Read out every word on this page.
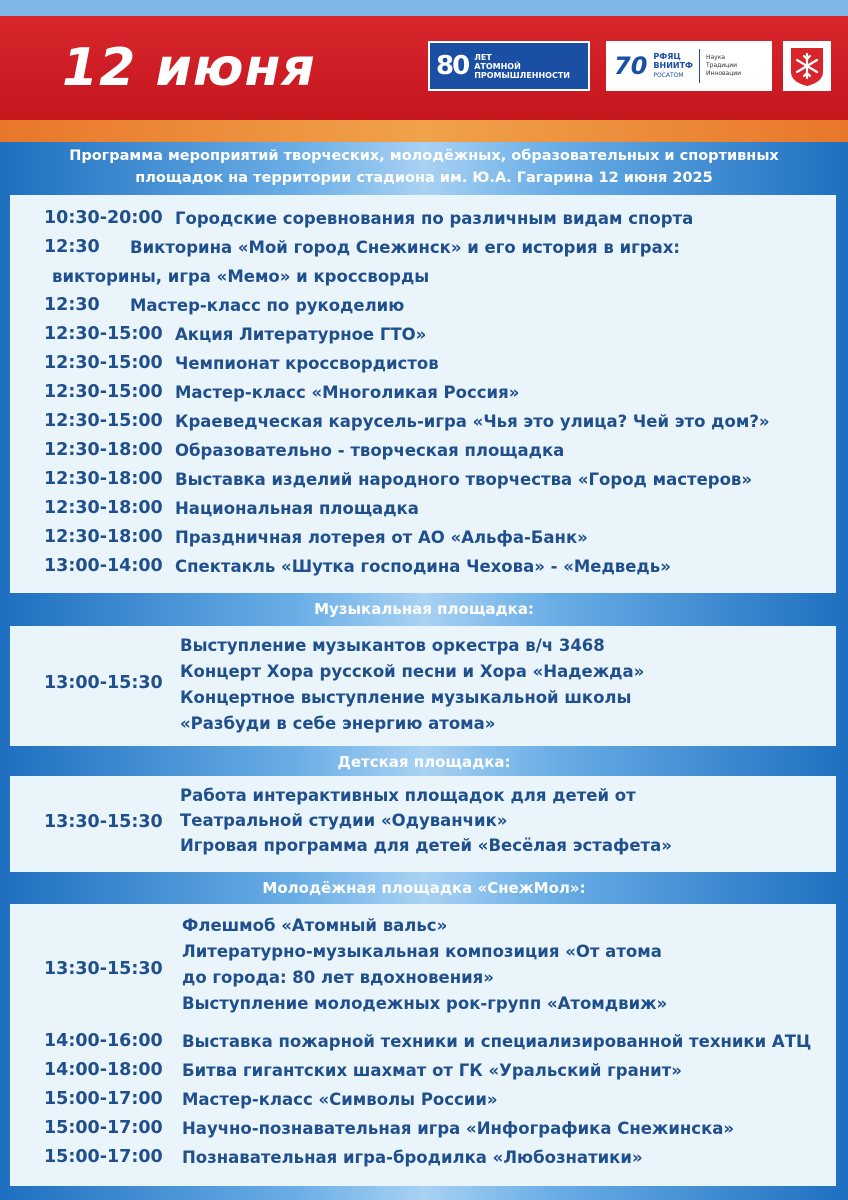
12 июня	80 ЛЕТ
АТОМНОЙ
ПРОМЫШЛЕННОСТИ 70 РФЯЦ
ВНИИТФ
РОСАТОМ
Наука
Традиции
Инновации
Программа мероприятий творческих, молодёжных, образовательных и спортивных
площадок на территории стадиона им. Ю.А. Гагарина 12 июня 2025
10:30-20:00 Городские соревнования по различным видам спорта
12:30 Викторина «Мой город Снежинск» и его история в играх:
викторины, игра «Мемо» и кроссворды
12:30 Мастер-класс по рукоделию
12:30-15:00 Акция Литературное ГТО»
12:30-15:00 Чемпионат кроссвордистов
12:30-15:00 Мастер-класс «Многоликая Россия»
12:30-15:00 Краеведческая карусель-игра «Чья это улица? Чей это дом?»
12:30-18:00 Образовательно - творческая площадка
12:30-18:00 Выставка изделий народного творчества «Город мастеров»
12:30-18:00 Национальная площадка
12:30-18:00 Праздничная лотерея от АО «Альфа-Банк»
13:00-14:00 Спектакль «Шутка господина Чехова» - «Медведь»
Музыкальная площадка:
13:00-15:30
Выступление музыкантов оркестра в/ч 3468
Концерт Хора русской песни и Хора «Надежда»
Концертное выступление музыкальной школы
«Разбуди в себе энергию атома»
Детская площадка:
13:30-15:30
Работа интерактивных площадок для детей от
Театральной студии «Одуванчик»
Игровая программа для детей «Весёлая эстафета»
Молодёжная площадка «СнежМол»:
13:30-15:30
Флешмоб «Атомный вальс»
Литературно-музыкальная композиция «От атома
до города: 80 лет вдохновения»
Выступление молодежных рок-групп «Атомдвиж»
14:00-16:00 Выставка пожарной техники и специализированной техники АТЦ
14:00-18:00 Битва гигантских шахмат от ГК «Уральский гранит»
15:00-17:00 Мастер-класс «Символы России»
15:00-17:00 Научно-познавательная игра «Инфографика Снежинска»
15:00-17:00 Познавательная игра-бродилка «Любознатики»
